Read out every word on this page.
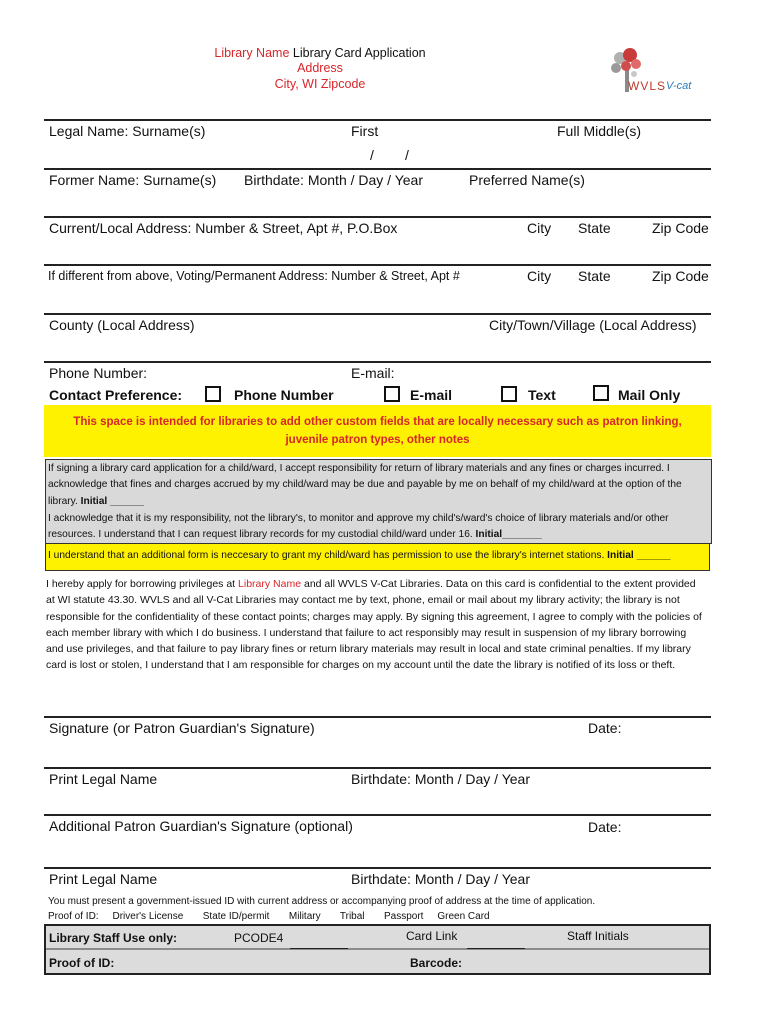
Library Name Library Card Application
Address
City, WI Zipcode	WVLS V-cat
Legal Name: Surname(s)	First	Full Middle(s)
/        /
Former Name: Surname(s) Birthdate: Month / Day / Year	Preferred Name(s)
Current/Local Address: Number & Street, Apt #, P.O.Box	City State	Zip Code
If different from above, Voting/Permanent Address: Number & Street, Apt #	City State	Zip Code
County (Local Address)	City/Town/Village (Local Address)
Phone Number:	E-mail:
Contact Preference:	Phone Number	E-mail	Text	Mail Only
This space is intended for libraries to add other custom fields that are locally necessary such as patron linking,
juvenile patron types, other notes
If signing a library card application for a child/ward, I accept responsibility for return of library materials and any fines or charges incurred. I
acknowledge that fines and charges accrued by my child/ward may be due and payable by me on behalf of my child/ward at the option of the
library. Initial ______
I acknowledge that it is my responsibility, not the library's, to monitor and approve my child's/ward's choice of library materials and/or other
resources. I understand that I can request library records for my custodial child/ward under 16. Initial_______
I understand that an additional form is neccesary to grant my child/ward has permission to use the library's internet stations. Initial ______

I hereby apply for borrowing privileges at Library Name and all WVLS V-Cat Libraries. Data on this card is confidential to the extent provided

at WI statute 43.30. WVLS and all V-Cat Libraries may contact me by text, phone, email or mail about my library activity; the library is not

responsible for the confidentiality of these contact points; charges may apply. By signing this agreement, I agree to comply with the policies of

each member library with which I do business. I understand that failure to act responsibly may result in suspension of my library borrowing

and use privileges, and that failure to pay library fines or return library materials may result in local and state criminal penalties. If my library

card is lost or stolen, I understand that I am responsible for charges on my account until the date the library is notified of its loss or theft.

Signature (or Patron Guardian's Signature)	Date:
Print Legal Name	Birthdate: Month / Day / Year
Additional Patron Guardian's Signature (optional)	Date:
Print Legal Name	Birthdate: Month / Day / Year
You must present a government-issued ID with current address or accompanying proof of address at the time of application.
Proof of ID: Driver's License State ID/permit Military Tribal Passport Green Card
Library Staff Use only:	PCODE4	Card Link	Staff Initials
Proof of ID:	Barcode:
